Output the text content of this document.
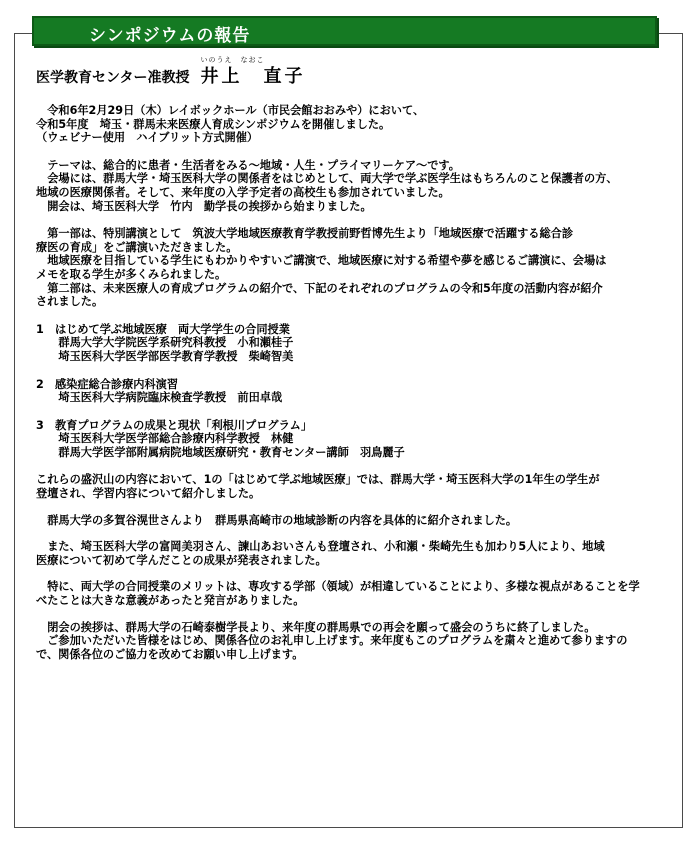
シンポジウムの報告
医学教育センター准教授
いのうえ なおこ
井上　直子

　令和6年2月29日（木）レイボックホール（市民会館おおみや）において、
令和5年度　埼玉・群馬未来医療人育成シンポジウムを開催しました。
（ウェビナー使用　ハイブリット方式開催）

　テーマは、総合的に患者・生活者をみる～地域・人生・プライマリーケア～です。
　会場には、群馬大学・埼玉医科大学の関係者をはじめとして、両大学で学ぶ医学生はもちろんのこと保護者の方、
地域の医療関係者。そして、来年度の入学予定者の高校生も参加されていました。
　開会は、埼玉医科大学　竹内　勤学長の挨拶から始まりました。

　第一部は、特別講演として　筑波大学地域医療教育学教授前野哲博先生より「地域医療で活躍する総合診
療医の育成」をご講演いただきました。
　地域医療を目指している学生にもわかりやすいご講演で、地域医療に対する希望や夢を感じるご講演に、会場は
メモを取る学生が多くみられました。
　第二部は、未来医療人の育成プログラムの紹介で、下記のそれぞれのプログラムの令和5年度の活動内容が紹介
されました。

1　はじめて学ぶ地域医療　両大学学生の合同授業
　　群馬大学大学院医学系研究科教授　小和瀬桂子
　　埼玉医科大学医学部医学教育学教授　柴崎智美

2　感染症総合診療内科演習
　　埼玉医科大学病院臨床検査学教授　前田卓哉

3　教育プログラムの成果と現状「利根川プログラム」
　　埼玉医科大学医学部総合診療内科学教授　林健
　　群馬大学医学部附属病院地域医療研究・教育センター講師　羽鳥麗子

これらの盛沢山の内容において、1の「はじめて学ぶ地域医療」では、群馬大学・埼玉医科大学の1年生の学生が
登壇され、学習内容について紹介しました。

　群馬大学の多賀谷滉世さんより　群馬県高崎市の地域診断の内容を具体的に紹介されました。

　また、埼玉医科大学の富岡美羽さん、諫山あおいさんも登壇され、小和瀬・柴崎先生も加わり5人により、地域
医療について初めて学んだことの成果が発表されました。

　特に、両大学の合同授業のメリットは、専攻する学部（領域）が相違していることにより、多様な視点があることを学
べたことは大きな意義があったと発言がありました。

　閉会の挨拶は、群馬大学の石崎泰樹学長より、来年度の群馬県での再会を願って盛会のうちに終了しました。
　ご参加いただいた皆様をはじめ、関係各位のお礼申し上げます。来年度もこのプログラムを粛々と進めて参りますの
で、関係各位のご協力を改めてお願い申し上げます。
